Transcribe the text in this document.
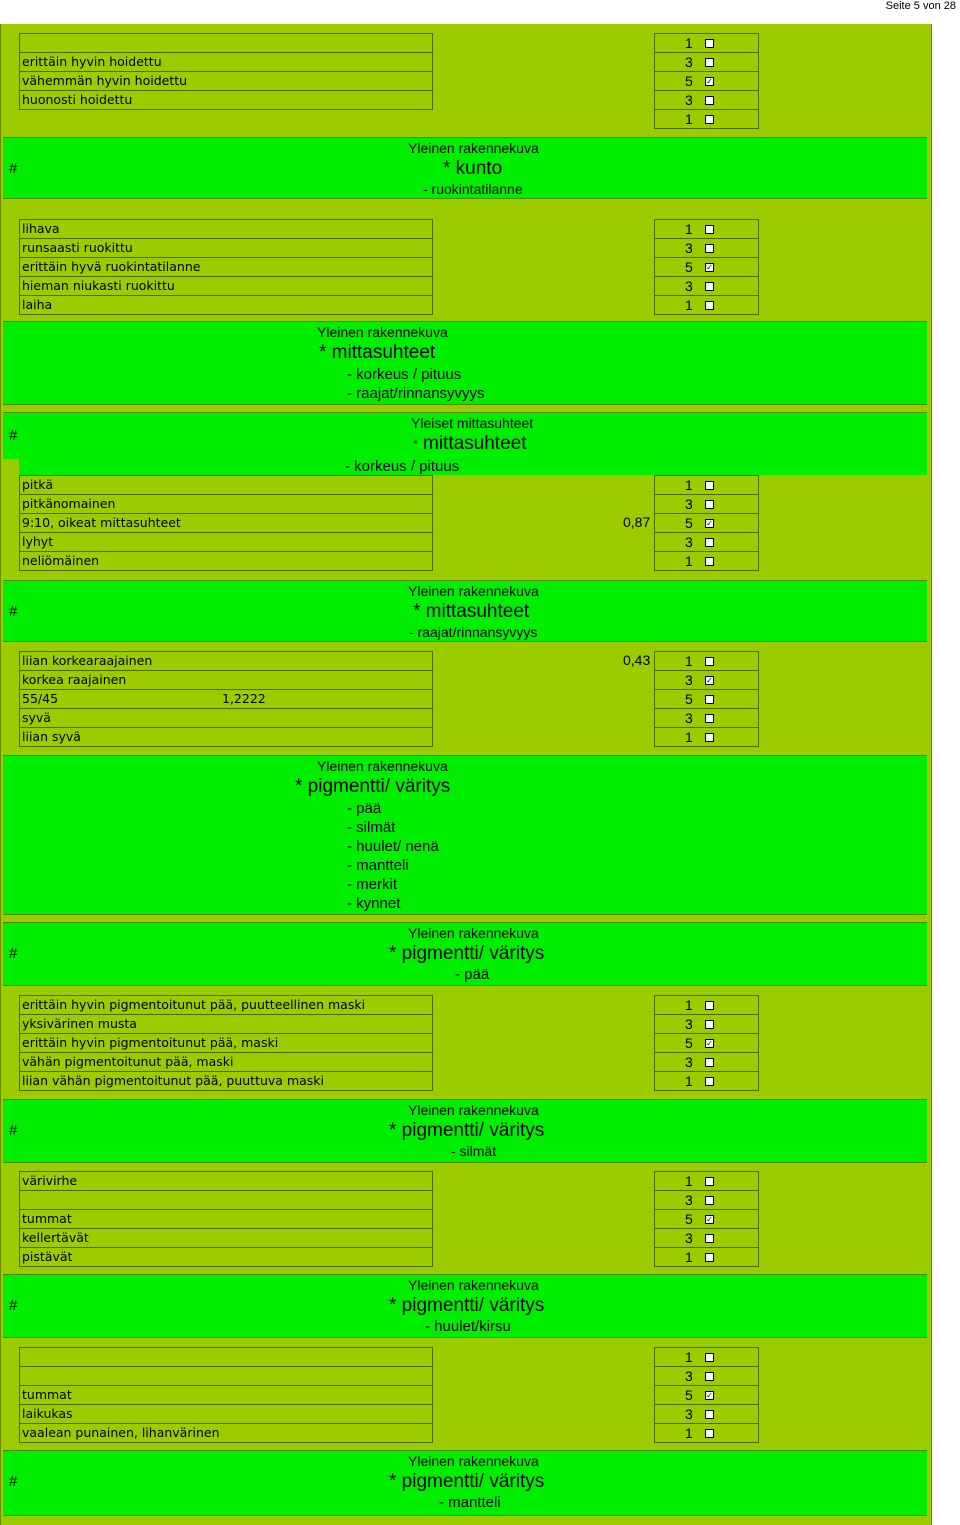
Seite 5 von 28
erittäin hyvin hoidettu
vähemmän hyvin hoidettu
huonosti hoidettu
1
3
5 ✓
3
1
#
Yleinen rakennekuva
* kunto
- ruokintatilanne
lihava
runsaasti ruokittu
erittäin hyvä ruokintatilanne
hieman niukasti ruokittu
laiha
1
3
5 ✓
3
1
Yleinen rakennekuva
* mittasuhteet
- korkeus / pituus
- raajat/rinnansyvyys
#
Yleiset mittasuhteet
* mittasuhteet
- korkeus / pituus
pitkä
pitkänomainen
9:10, oikeat mittasuhteet
lyhyt
neliömäinen
0,87
1
3
5 ✓
3
1
#
Yleinen rakennekuva
* mittasuhteet
- raajat/rinnansyvyys
liian korkearaajainen
korkea raajainen
55/45	1,2222
syvä
liian syvä
0,43 1
3 ✓
5
3
1
Yleinen rakennekuva
* pigmentti/ väritys
- pää
- silmät
- huulet/ nenä
- mantteli
- merkit
- kynnet
#
Yleinen rakennekuva
* pigmentti/ väritys
- pää
erittäin hyvin pigmentoitunut pää, puutteellinen maski
yksivärinen musta
erittäin hyvin pigmentoitunut pää, maski
vähän pigmentoitunut pää, maski
liian vähän pigmentoitunut pää, puuttuva maski
1
3
5 ✓
3
1
#
Yleinen rakennekuva
* pigmentti/ väritys
- silmät
värivirhe
tummat
kellertävät
pistävät
1
3
5 ✓
3
1
#
Yleinen rakennekuva
* pigmentti/ väritys
- huulet/kirsu
tummat
laikukas
vaalean punainen, lihanvärinen
1
3
5 ✓
3
1
#
Yleinen rakennekuva
* pigmentti/ väritys
- mantteli
